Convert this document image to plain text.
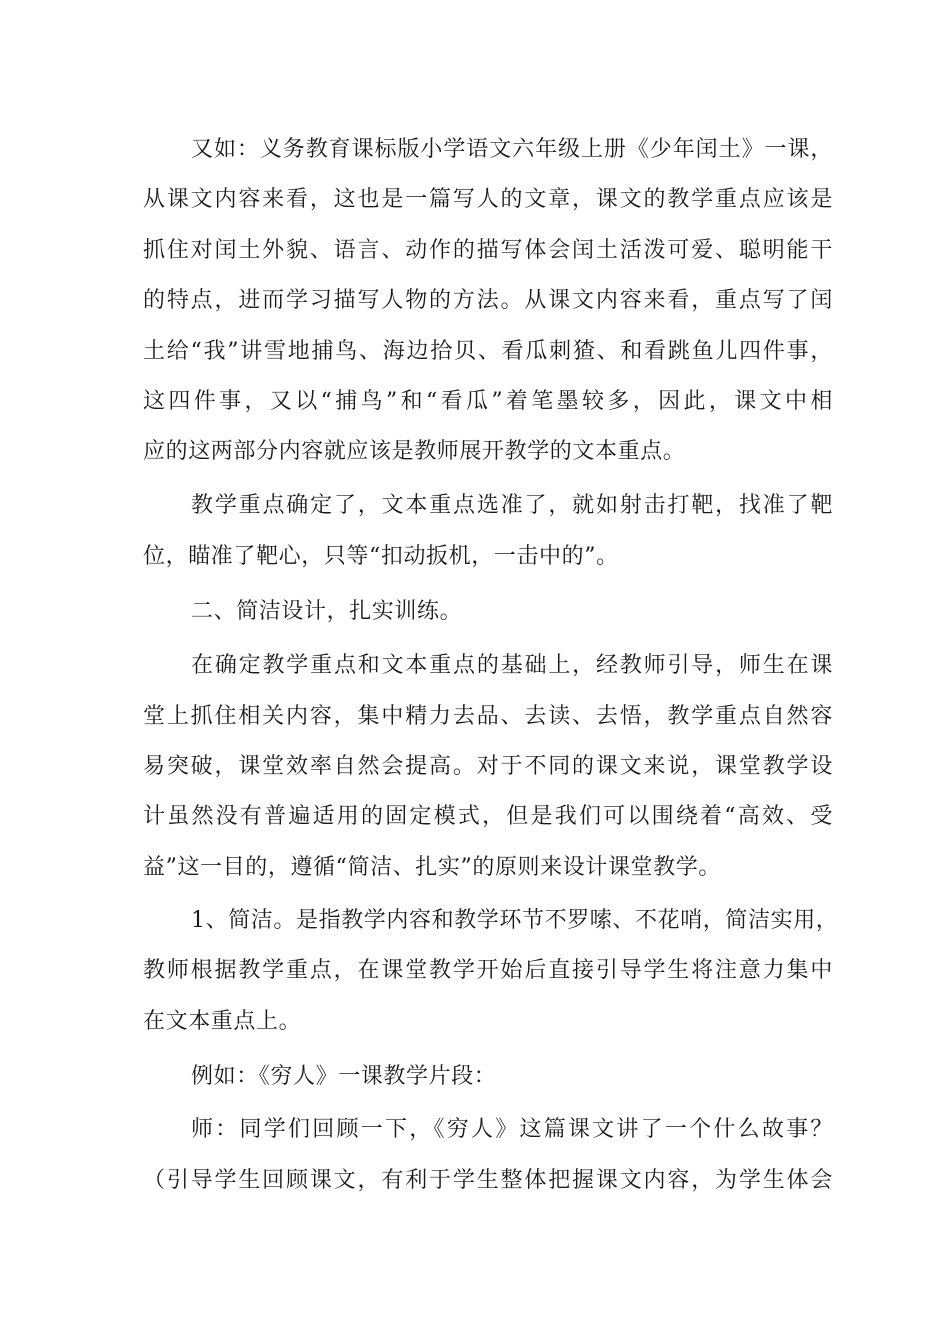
又如：义务教育课标版小学语文六年级上册《少年闰土》一课，
从课文内容来看，这也是一篇写人的文章，课文的教学重点应该是
抓住对闰土外貌、语言、动作的描写体会闰土活泼可爱、聪明能干
的特点，进而学习描写人物的方法。从课文内容来看，重点写了闰
土给“我”讲雪地捕鸟、海边拾贝、看瓜刺猹、和看跳鱼儿四件事，
这四件事，又以“捕鸟”和“看瓜”着笔墨较多，因此，课文中相
应的这两部分内容就应该是教师展开教学的文本重点。
教学重点确定了，文本重点选准了，就如射击打靶，找准了靶
位，瞄准了靶心，只等“扣动扳机，一击中的”。
二、简洁设计，扎实训练。
在确定教学重点和文本重点的基础上，经教师引导，师生在课
堂上抓住相关内容，集中精力去品、去读、去悟，教学重点自然容
易突破，课堂效率自然会提高。对于不同的课文来说，课堂教学设
计虽然没有普遍适用的固定模式，但是我们可以围绕着“高效、受
益”这一目的，遵循“简洁、扎实”的原则来设计课堂教学。
1、简洁。是指教学内容和教学环节不罗嗦、不花哨，简洁实用，
教师根据教学重点，在课堂教学开始后直接引导学生将注意力集中
在文本重点上。
例如：《穷人》一课教学片段：
师：同学们回顾一下，《穷人》这篇课文讲了一个什么故事？
（引导学生回顾课文，有利于学生整体把握课文内容，为学生体会
